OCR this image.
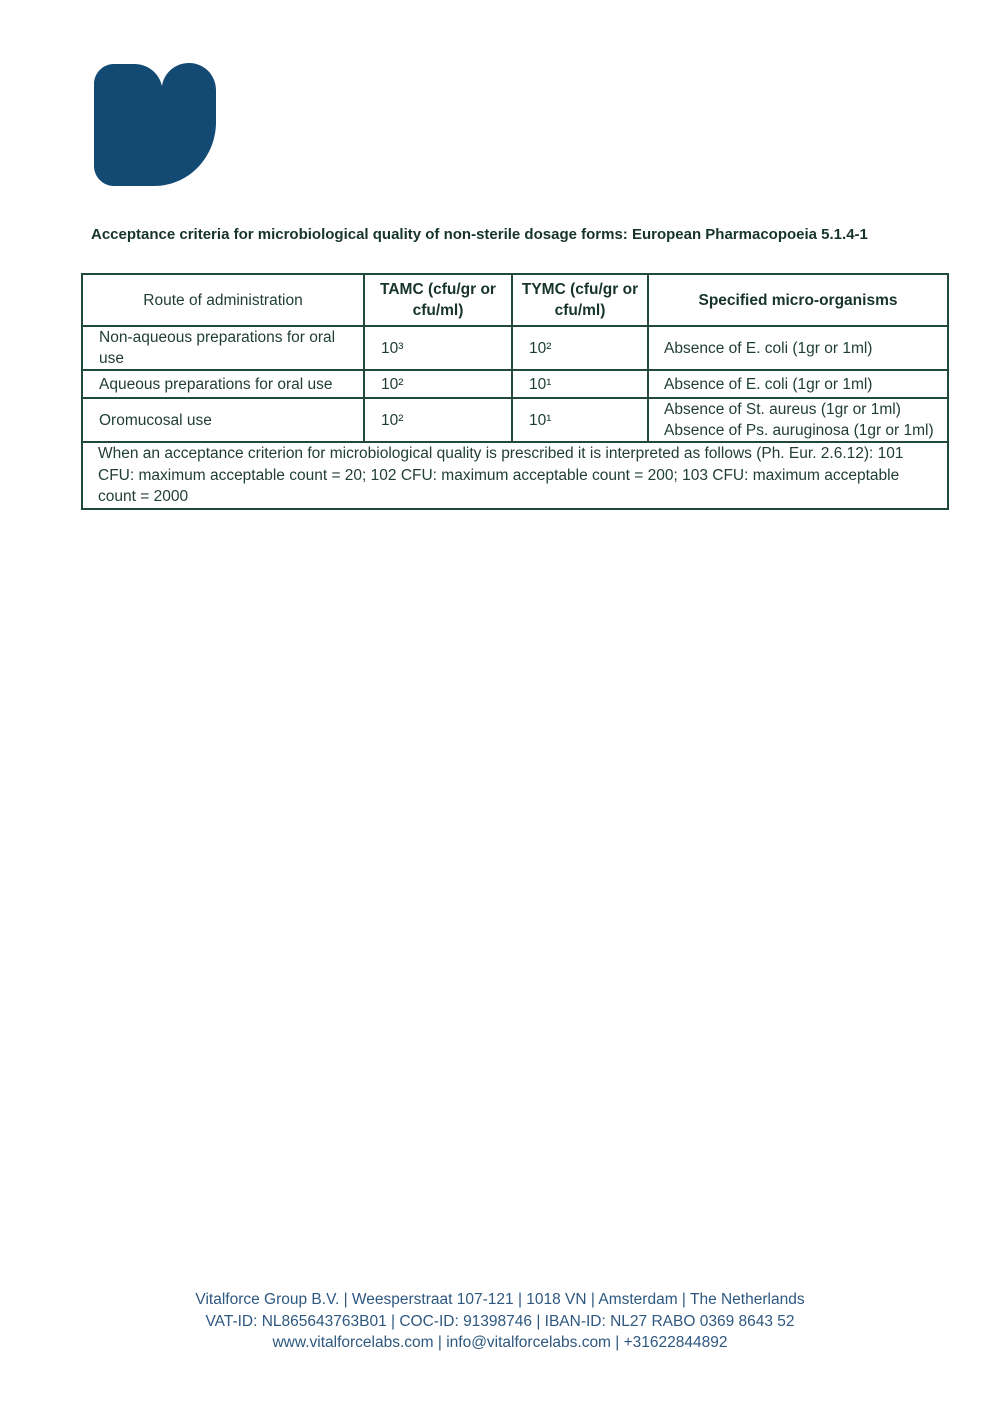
Acceptance criteria for microbiological quality of non-sterile dosage forms: European Pharmacopoeia 5.1.4-1
Route of administration	TAMC (cfu/gr or cfu/ml)	TYMC (cfu/gr or cfu/ml)	Specified micro-organisms
Non-aqueous preparations for oral use	10³	10²	Absence of E. coli (1gr or 1ml)

Aqueous preparations for oral use	10²	10¹	Absence of E. coli (1gr or 1ml)

Oromucosal use	10²	10¹	Absence of St. aureus (1gr or 1ml)
Absence of Ps. auruginosa (1gr or 1ml)

When an acceptance criterion for microbiological quality is prescribed it is interpreted as follows (Ph. Eur. 2.6.12): 101 CFU: maximum acceptable count = 20; 102 CFU: maximum acceptable count = 200; 103 CFU: maximum acceptable count = 2000			
Vitalforce Group B.V. | Weesperstraat 107-121 | 1018 VN | Amsterdam | The Netherlands
VAT-ID: NL865643763B01 | COC-ID: 91398746 | IBAN-ID: NL27 RABO 0369 8643 52
www.vitalforcelabs.com | info@vitalforcelabs.com | +31622844892
